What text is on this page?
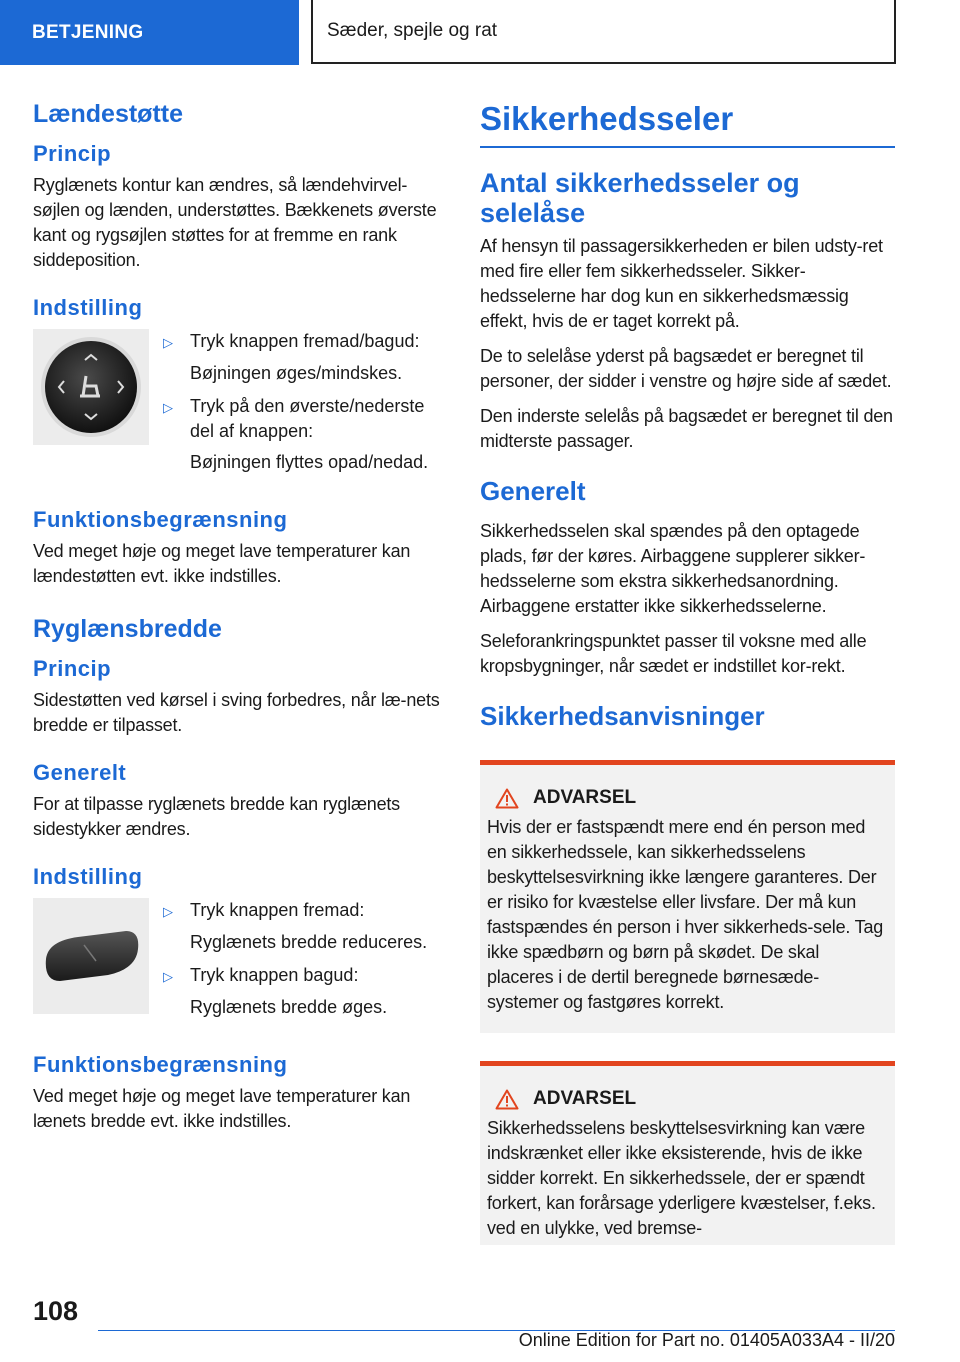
BETJENING	Sæder, spejle og rat
Lændestøtte
Princip

Ryglænets kontur kan ændres, så lændehvirvel-søjlen og lænden, understøttes. Bækkenets øverste kant og rygsøjlen støttes for at fremme en rank siddeposition.

Indstilling
▷ Tryk knappen fremad/bagud:
Bøjningen øges/mindskes.
▷ Tryk på den øverste/nederste del af knappen:
Bøjningen flyttes opad/nedad.
Funktionsbegrænsning

Ved meget høje og meget lave temperaturer kan lændestøtten evt. ikke indstilles.

Ryglænsbredde
Princip

Sidestøtten ved kørsel i sving forbedres, når læ-nets bredde er tilpasset.

Generelt

For at tilpasse ryglænets bredde kan ryglænets sidestykker ændres.

Indstilling
▷ Tryk knappen fremad:
Ryglænets bredde reduceres.
▷ Tryk knappen bagud:
Ryglænets bredde øges.
Funktionsbegrænsning

Ved meget høje og meget lave temperaturer kan lænets bredde evt. ikke indstilles.

Sikkerhedsseler
Antal sikkerhedsseler og selelåse

Af hensyn til passagersikkerheden er bilen udsty-ret med fire eller fem sikkerhedsseler. Sikker-hedsselerne har dog kun en sikkerhedsmæssig effekt, hvis de er taget korrekt på.

De to selelåse yderst på bagsædet er beregnet til personer, der sidder i venstre og højre side af sædet.

Den inderste selelås på bagsædet er beregnet til den midterste passager.

Generelt

Sikkerhedsselen skal spændes på den optagede plads, før der køres. Airbaggene supplerer sikker-hedsselerne som ekstra sikkerhedsanordning. Airbaggene erstatter ikke sikkerhedsselerne.

Seleforankringspunktet passer til voksne med alle kropsbygninger, når sædet er indstillet kor-rekt.

Sikkerhedsanvisninger
ADVARSEL

Hvis der er fastspændt mere end én person med en sikkerhedssele, kan sikkerhedsselens beskyttelsesvirkning ikke længere garanteres. Der er risiko for kvæstelse eller livsfare. Der må kun fastspændes én person i hver sikkerheds-sele. Tag ikke spædbørn og børn på skødet. De skal placeres i de dertil beregnede børnesæde-systemer og fastgøres korrekt.

ADVARSEL

Sikkerhedsselens beskyttelsesvirkning kan være indskrænket eller ikke eksisterende, hvis de ikke sidder korrekt. En sikkerhedssele, der er spændt forkert, kan forårsage yderligere kvæstelser, f.eks. ved en ulykke, ved bremse-

108
Online Edition for Part no. 01405A033A4 - II/20
